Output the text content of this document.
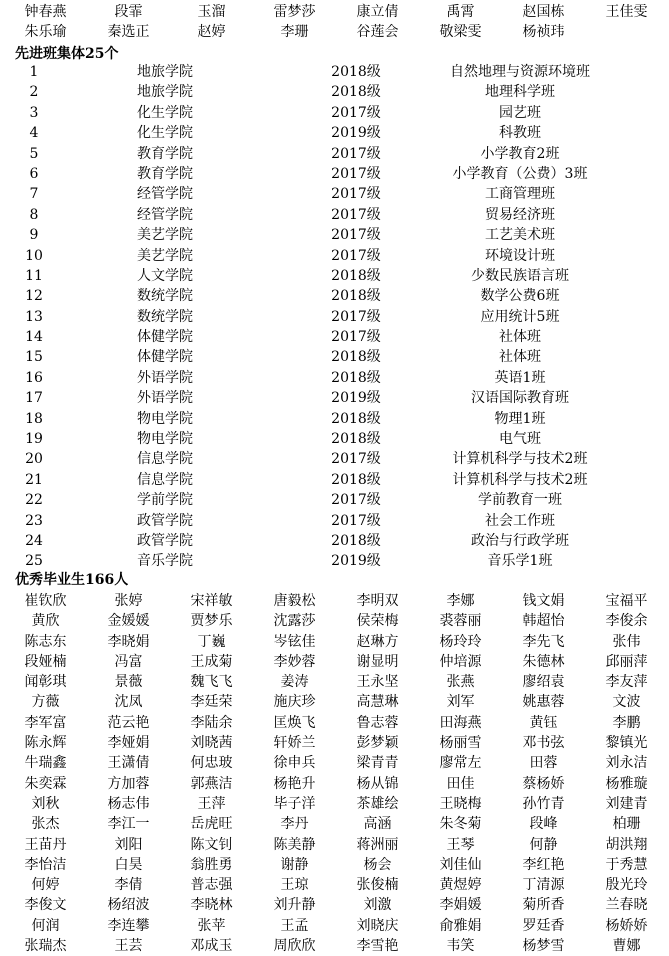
钟春燕	段霏	玉溜	雷梦莎	康立倩	禹霄	赵国栋	王佳雯
朱乐瑜	秦选正	赵婷	李珊	谷莲会	敬梁雯	杨祯玮
先进班集体25个
1	地旅学院	2018级	自然地理与资源环境班
2	地旅学院	2018级	地理科学班
3	化生学院	2017级	园艺班
4	化生学院	2019级	科教班
5	教育学院	2017级	小学教育2班
6	教育学院	2017级	小学教育（公费）3班
7	经管学院	2017级	工商管理班
8	经管学院	2017级	贸易经济班
9	美艺学院	2017级	工艺美术班
10	美艺学院	2017级	环境设计班
11	人文学院	2018级	少数民族语言班
12	数统学院	2018级	数学公费6班
13	数统学院	2017级	应用统计5班
14	体健学院	2017级	社体班
15	体健学院	2018级	社体班
16	外语学院	2018级	英语1班
17	外语学院	2019级	汉语国际教育班
18	物电学院	2018级	物理1班
19	物电学院	2018级	电气班
20	信息学院	2017级	计算机科学与技术2班
21	信息学院	2018级	计算机科学与技术2班
22	学前学院	2017级	学前教育一班
23	政管学院	2017级	社会工作班
24	政管学院	2018级	政治与行政学班
25	音乐学院	2019级	音乐学1班
优秀毕业生166人
崔钦欣	张婷	宋祥敏	唐毅松	李明双	李娜	钱文娟	宝福平
黄欣	金媛媛	贾梦乐	沈露莎	侯荣梅	裘蓉丽	韩超怡	李俊余
陈志东	李晓娟	丁巍	岑铉佳	赵琳方	杨玲玲	李先飞	张伟
段娅楠	冯富	王成菊	李妙蓉	谢显明	仲培源	朱德林	邱丽萍
闻彰琪	景薇	魏飞飞	姜涛	王永坚	张燕	廖绍袁	李友萍
方薇	沈凤	李廷荣	施庆珍	高慧琳	刘军	姚惠蓉	文波
李军富	范云艳	李陆余	匡焕飞	鲁志蓉	田海燕	黄钰	李鹏
陈永辉	李娅娟	刘晓茜	轩娇兰	彭梦颖	杨丽雪	邓书弦	黎镇光
牛瑞鑫	王潇倩	何忠玻	徐申兵	梁青青	廖常左	田蓉	刘永洁
朱奕霖	方加蓉	郭燕洁	杨艳升	杨从锦	田佳	蔡杨娇	杨雅璇
刘秋	杨志伟	王萍	毕子洋	茶雄绘	王晓梅	孙竹青	刘建青
张杰	李江一	岳虎旺	李丹	高涵	朱冬菊	段峰	柏珊
王苗丹	刘阳	陈文钊	陈美静	蒋洲丽	王琴	何静	胡洪翔
李怡洁	白昊	翁胜勇	谢静	杨会	刘佳仙	李红艳	于秀慧
何婷	李倩	普志强	王琼	张俊楠	黄煜婷	丁清源	殷光玲
李俊文	杨绍波	李晓林	刘升静	刘激	李娟媛	菊所香	兰春晓
何润	李连攀	张苹	王孟	刘晓庆	俞雅娟	罗廷香	杨娇娇
张瑞杰	王芸	邓成玉	周欣欣	李雪艳	韦笑	杨梦雪	曹娜
